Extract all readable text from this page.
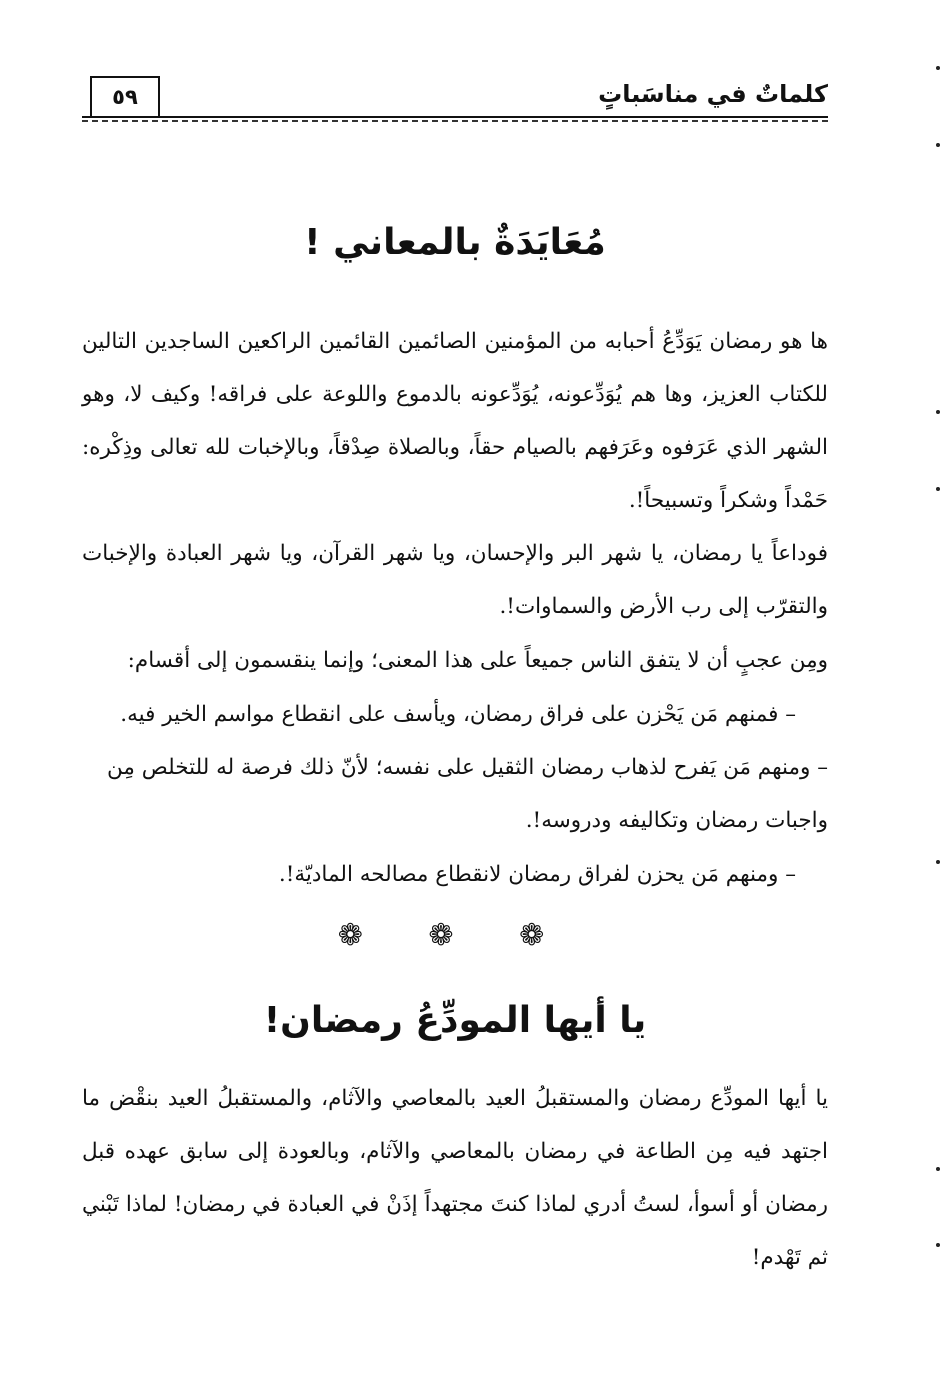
٥٩	كلماتٌ في مناسَباتٍ
مُعَايَدَةٌ بالمعاني !

ها هو رمضان يَوَدِّعُ أحبابه من المؤمنين الصائمين القائمين الراكعين الساجدين التالين للكتاب العزيز، وها هم يُوَدِّعونه، يُوَدِّعونه بالدموع واللوعة على فراقه! وكيف لا، وهو الشهر الذي عَرَفوه وعَرَفهم بالصيام حقاً، وبالصلاة صِدْقاً، وبالإخبات لله تعالى وذِكْره: حَمْداً وشكراً وتسبيحاً!.

فوداعاً يا رمضان، يا شهر البر والإحسان، ويا شهر القرآن، ويا شهر العبادة والإخبات والتقرّب إلى رب الأرض والسماوات!.

ومِن عجبٍ أن لا يتفق الناس جميعاً على هذا المعنى؛ وإنما ينقسمون إلى أقسام:
– فمنهم مَن يَحْزن على فراق رمضان، ويأسف على انقطاع مواسم الخير فيه.

– ومنهم مَن يَفرح لذهاب رمضان الثقيل على نفسه؛ لأنّ ذلك فرصة له للتخلص مِن واجبات رمضان وتكاليفه ودروسه!.

– ومنهم مَن يحزن لفراق رمضان لانقطاع مصالحه الماديّة!.
❁ ❁ ❁
يا أيها المودِّعُ رمضان!

يا أيها المودِّع رمضان والمستقبلُ العيد بالمعاصي والآثام، والمستقبلُ العيد بنقْض ما اجتهد فيه مِن الطاعة في رمضان بالمعاصي والآثام، وبالعودة إلى سابق عهده قبل رمضان أو أسوأ، لستُ أدري لماذا كنتَ مجتهداً إذَنْ في العبادة في رمضان! لماذا تَبْني ثم تَهْدم!
